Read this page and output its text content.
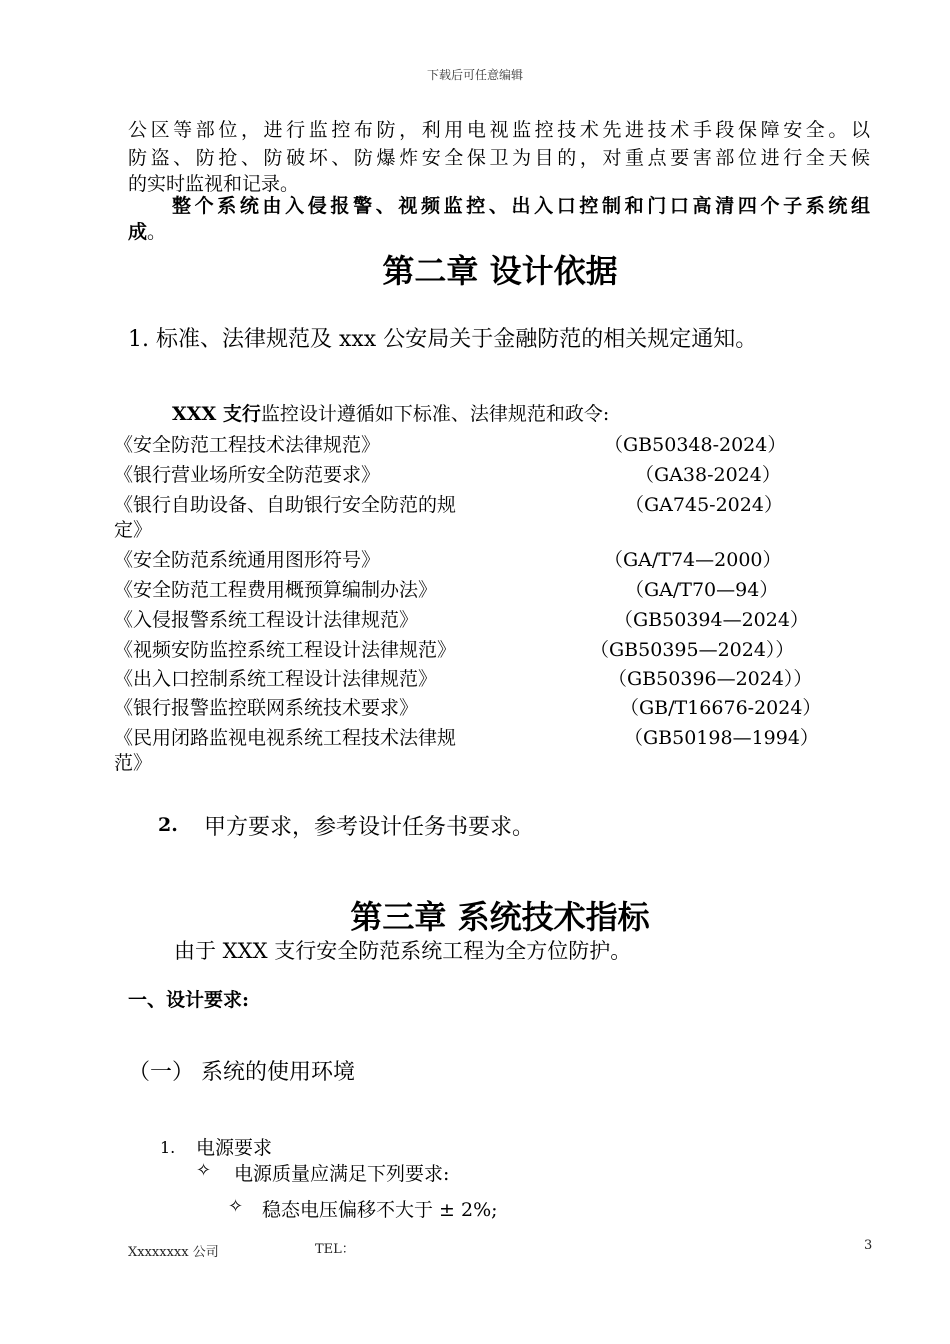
下载后可任意编辑
公区等部位，进行监控布防，利用电视监控技术先进技术手段保障安全。以
防盗、防抢、防破坏、防爆炸安全保卫为目的，对重点要害部位进行全天候
的实时监视和记录。
整个系统由入侵报警、视频监控、出入口控制和门口高清四个子系统组
成。
第二章 设计依据
1. 标准、法律规范及 xxx 公安局关于金融防范的相关规定通知。
XXX 支行监控设计遵循如下标准、法律规范和政令:
《安全防范工程技术法律规范》	（GB50348-2024）
《银行营业场所安全防范要求》	（GA38-2024）
《银行自助设备、自助银行安全防范的规	（GA745-2024）
定》
《安全防范系统通用图形符号》	（GA/T74—2000）
《安全防范工程费用概预算编制办法》	（GA/T70—94）
《入侵报警系统工程设计法律规范》	（GB50394—2024）
《视频安防监控系统工程设计法律规范》	（GB50395—2024））
《出入口控制系统工程设计法律规范》	（GB50396—2024））
《银行报警监控联网系统技术要求》	（GB/T16676-2024）
《民用闭路监视电视系统工程技术法律规	（GB50198—1994）
范》
2. 甲方要求，参考设计任务书要求。
第三章 系统技术指标
由于 XXX 支行安全防范系统工程为全方位防护。
一、设计要求:
（一） 系统的使用环境
1. 电源要求
✧ 电源质量应满足下列要求:
✧ 稳态电压偏移不大于 ± 2%;
Xxxxxxxx 公司	TEL：	3
